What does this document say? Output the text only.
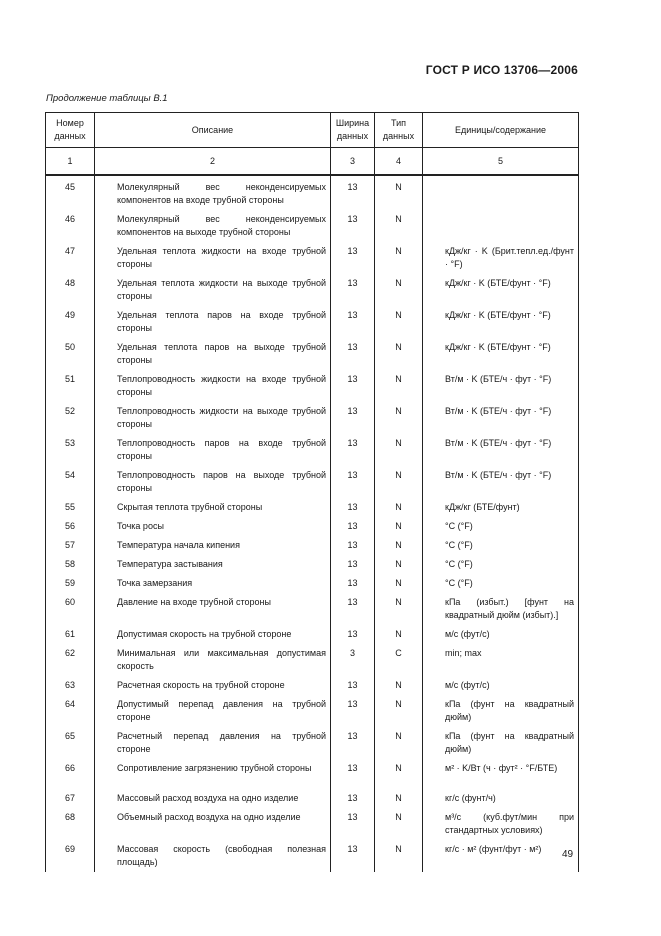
ГОСТ Р ИСО 13706—2006
Продолжение таблицы В.1
Номер данных	Описание	Ширина данных	Тип данных	Единицы/содержание
1	2	3	4	5
45	Молекулярный вес неконденсируемых компонентов на входе трубной стороны	13	N	
46	Молекулярный вес неконденсируемых компонентов на выходе трубной стороны	13	N	
47	Удельная теплота жидкости на входе трубной стороны	13	N	кДж/кг · K (Брит.тепл.ед./фунт · °F)
48	Удельная теплота жидкости на выходе трубной стороны	13	N	кДж/кг · K (БТЕ/фунт · °F)
49	Удельная теплота паров на входе трубной стороны	13	N	кДж/кг · K (БТЕ/фунт · °F)
50	Удельная теплота паров на выходе трубной стороны	13	N	кДж/кг · K (БТЕ/фунт · °F)
51	Теплопроводность жидкости на входе трубной стороны	13	N	Вт/м · K (БТЕ/ч · фут · °F)
52	Теплопроводность жидкости на выходе трубной стороны	13	N	Вт/м · K (БТЕ/ч · фут · °F)
53	Теплопроводность паров на входе трубной стороны	13	N	Вт/м · K (БТЕ/ч · фут · °F)
54	Теплопроводность паров на выходе трубной стороны	13	N	Вт/м · K (БТЕ/ч · фут · °F)
55	Скрытая теплота трубной стороны	13	N	кДж/кг (БТЕ/фунт)
56	Точка росы	13	N	°C (°F)
57	Температура начала кипения	13	N	°C (°F)
58	Температура застывания	13	N	°C (°F)
59	Точка замерзания	13	N	°C (°F)
60	Давление на входе трубной стороны	13	N	кПа (избыт.) [фунт на квадратный дюйм (избыт).]
61	Допустимая скорость на трубной стороне	13	N	м/с (фут/с)
62	Минимальная или максимальная допустимая скорость	3	C	min; max
63	Расчетная скорость на трубной стороне	13	N	м/с (фут/с)
64	Допустимый перепад давления на трубной стороне	13	N	кПа (фунт на квадратный дюйм)
65	Расчетный перепад давления на трубной стороне	13	N	кПа (фунт на квадратный дюйм)
66	Сопротивление загрязнению трубной стороны	13	N	м² · K/Вт (ч · фут² · °F/БТЕ)
67	Массовый расход воздуха на одно изделие	13	N	кг/с (фунт/ч)
68	Объемный расход воздуха на одно изделие	13	N	м³/с (куб.фут/мин при стандартных условиях)
69	Массовая скорость (свободная полезная площадь)	13	N	кг/с · м² (фунт/фут · м²) 49
